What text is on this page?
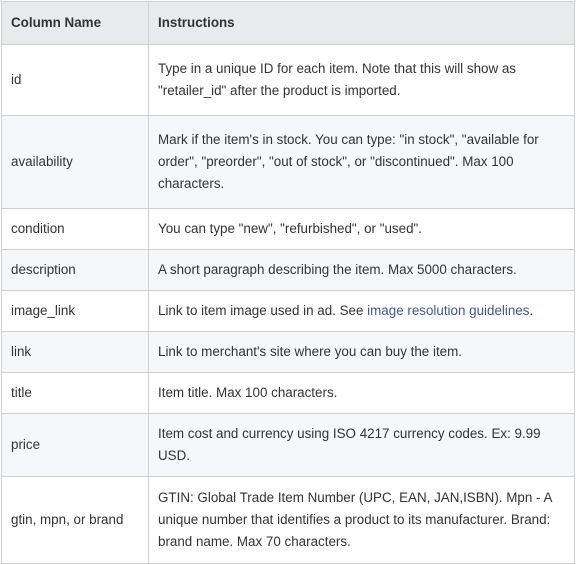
Column Name	Instructions
id	Type in a unique ID for each item. Note that this will show as "retailer_id" after the product is imported.
availability	Mark if the item's in stock. You can type: "in stock", "available for order", "preorder", "out of stock", or "discontinued". Max 100 characters.
condition	You can type "new", "refurbished", or "used".
description	A short paragraph describing the item. Max 5000 characters.
image_link	Link to item image used in ad. See image resolution guidelines.
link	Link to merchant's site where you can buy the item.
title	Item title. Max 100 characters.
price	Item cost and currency using ISO 4217 currency codes. Ex: 9.99 USD.
gtin, mpn, or brand	GTIN: Global Trade Item Number (UPC, EAN, JAN,ISBN). Mpn - A unique number that identifies a product to its manufacturer. Brand: brand name. Max 70 characters.
